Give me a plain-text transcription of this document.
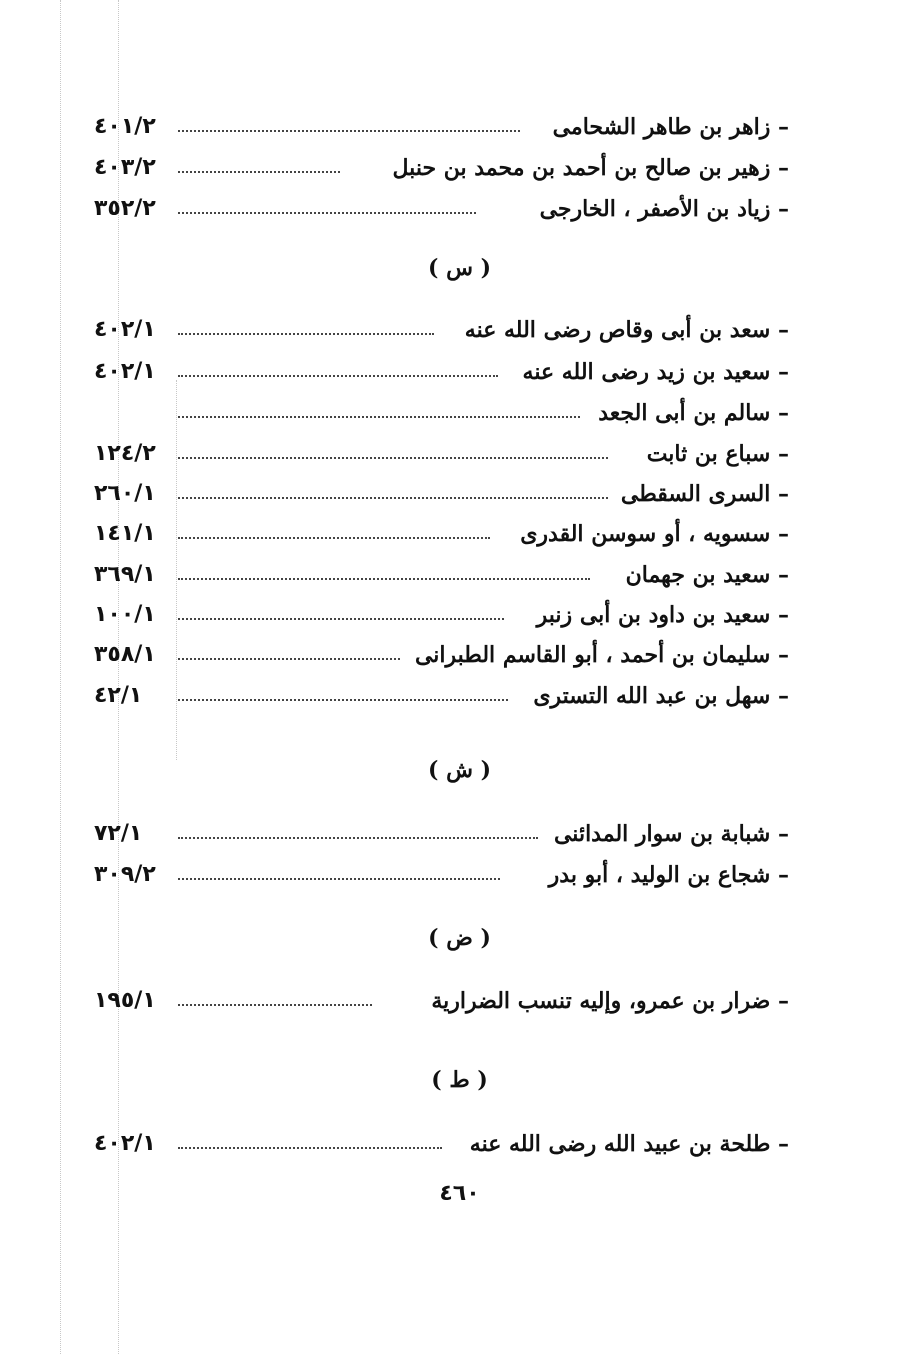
– زاهر بن طاهر الشحامى
٤٠١/٢
– زهير بن صالح بن أحمد بن محمد بن حنبل
٤٠٣/٢
– زياد بن الأصفر ، الخارجى
٣٥٢/٢
( س )
– سعد بن أبى وقاص رضى الله عنه
٤٠٢/١
– سعيد بن زيد رضى الله عنه
٤٠٢/١
– سالم بن أبى الجعد
– سباع بن ثابت
١٢٤/٢
– السرى السقطى
٢٦٠/١
– سسويه ، أو سوسن القدرى
١٤١/١
– سعيد بن جهمان
٣٦٩/١
– سعيد بن داود بن أبى زنبر
١٠٠/١
– سليمان بن أحمد ، أبو القاسم الطبرانى
٣٥٨/١
– سهل بن عبد الله التسترى
٤٢/١
( ش )
– شبابة بن سوار المدائنى
٧٢/١
– شجاع بن الوليد ، أبو بدر
٣٠٩/٢
( ض )
– ضرار بن عمرو، وإليه تنسب الضرارية
١٩٥/١
( ط )
– طلحة بن عبيد الله رضى الله عنه
٤٠٢/١
٤٦٠
